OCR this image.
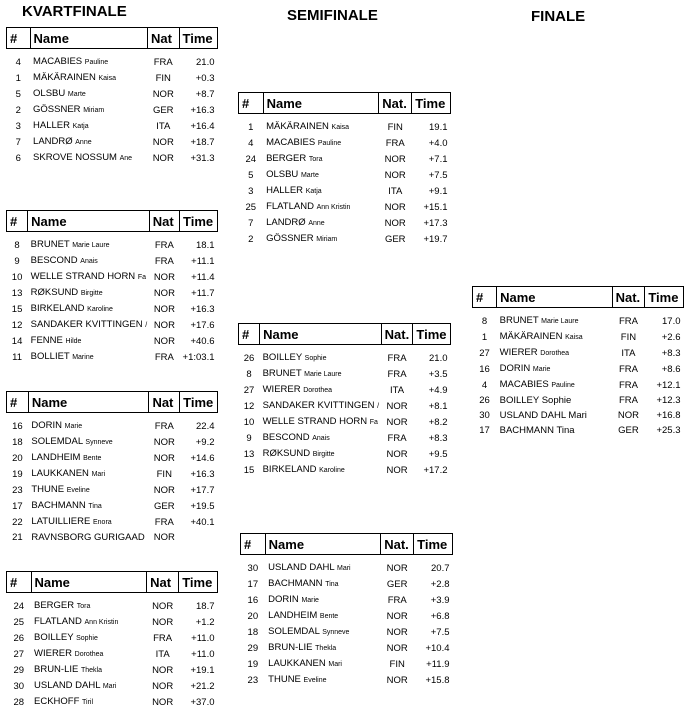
KVARTFINALE	SEMIFINALE	FINALE
#	Name	Nat	Time

4	MACABIES Pauline	FRA	21.0
1	MÄKÄRAINEN Kaisa	FIN	+0.3
5	OLSBU Marte	NOR	+8.7
2	GÖSSNER Miriam	GER	+16.3
3	HALLER Katja	ITA	+16.4
7	LANDRØ Anne	NOR	+18.7
6	SKROVE NOSSUM Ane	NOR	+31.3
#	Name	Nat	Time

8	BRUNET Marie Laure	FRA	18.1
9	BESCOND Anais	FRA	+11.1
10	WELLE STRAND HORN Fa	NOR	+11.4
13	RØKSUND Birgitte	NOR	+11.7
15	BIRKELAND Karoline	NOR	+16.3
12	SANDAKER KVITTINGEN /	NOR	+17.6
14	FENNE Hilde	NOR	+40.6
11	BOLLIET Marine	FRA	+1:03.1
#	Name	Nat	Time

16	DORIN Marie	FRA	22.4
18	SOLEMDAL Synneve	NOR	+9.2
20	LANDHEIM Bente	NOR	+14.6
19	LAUKKANEN Mari	FIN	+16.3
23	THUNE Eveline	NOR	+17.7
17	BACHMANN Tina	GER	+19.5
22	LATUILLIERE Enora	FRA	+40.1
21	RAVNSBORG GURIGAAD	NOR	
#	Name	Nat	Time

24	BERGER Tora	NOR	18.7
25	FLATLAND Ann Kristin	NOR	+1.2
26	BOILLEY Sophie	FRA	+11.0
27	WIERER Dorothea	ITA	+11.0
29	BRUN-LIE Thekla	NOR	+19.1
30	USLAND DAHL Mari	NOR	+21.2
28	ECKHOFF Tiril	NOR	+37.0
#	Name	Nat.	Time

1	MÄKÄRAINEN Kaisa	FIN	19.1
4	MACABIES Pauline	FRA	+4.0
24	BERGER Tora	NOR	+7.1
5	OLSBU Marte	NOR	+7.5
3	HALLER Katja	ITA	+9.1
25	FLATLAND Ann Kristin	NOR	+15.1
7	LANDRØ Anne	NOR	+17.3
2	GÖSSNER Miriam	GER	+19.7
#	Name	Nat.	Time

26	BOILLEY Sophie	FRA	21.0
8	BRUNET Marie Laure	FRA	+3.5
27	WIERER Dorothea	ITA	+4.9
12	SANDAKER KVITTINGEN /	NOR	+8.1
10	WELLE STRAND HORN Fa	NOR	+8.2
9	BESCOND Anais	FRA	+8.3
13	RØKSUND Birgitte	NOR	+9.5
15	BIRKELAND Karoline	NOR	+17.2
#	Name	Nat.	Time

30	USLAND DAHL Mari	NOR	20.7
17	BACHMANN Tina	GER	+2.8
16	DORIN Marie	FRA	+3.9
20	LANDHEIM Bente	NOR	+6.8
18	SOLEMDAL Synneve	NOR	+7.5
29	BRUN-LIE Thekla	NOR	+10.4
19	LAUKKANEN Mari	FIN	+11.9
23	THUNE Eveline	NOR	+15.8
#	Name	Nat.	Time

8	BRUNET Marie Laure	FRA	17.0
1	MÄKÄRAINEN Kaisa	FIN	+2.6
27	WIERER Dorothea	ITA	+8.3
16	DORIN Marie	FRA	+8.6
4	MACABIES Pauline	FRA	+12.1
26	BOILLEY Sophie	FRA	+12.3
30	USLAND DAHL Mari	NOR	+16.8
17	BACHMANN Tina	GER	+25.3
